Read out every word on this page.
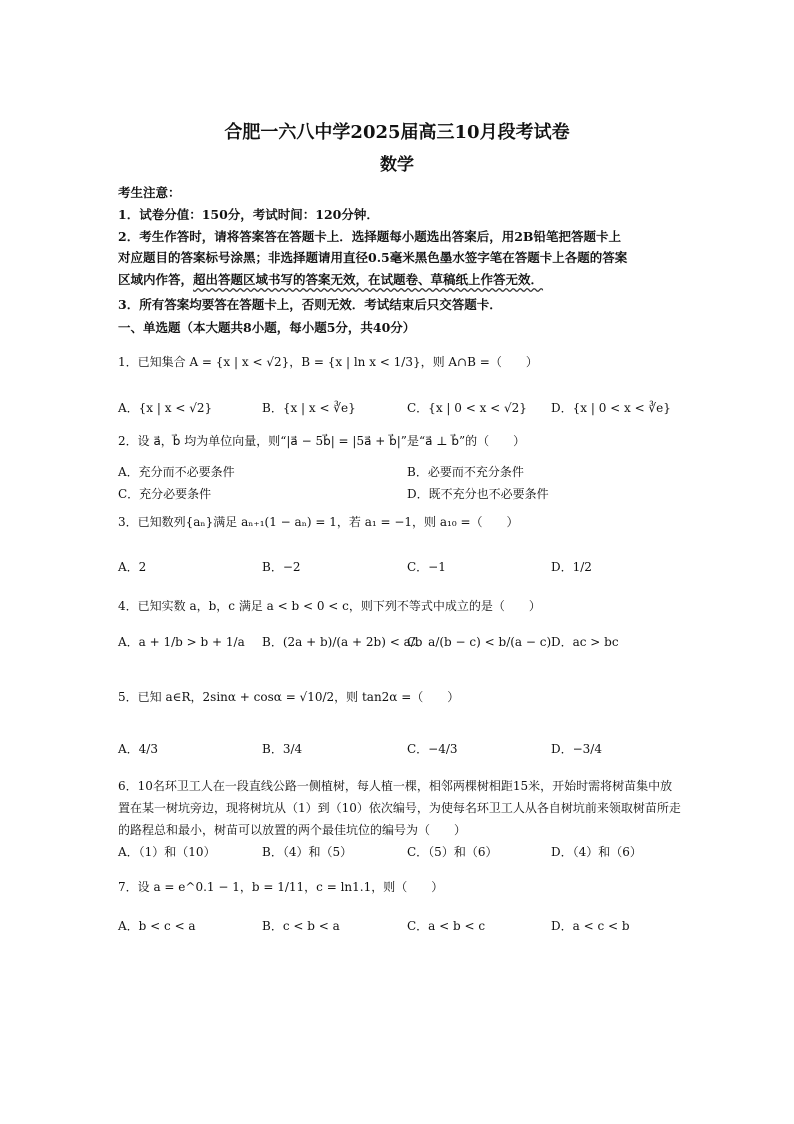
合肥一六八中学2025届高三10月段考试卷
数学
考生注意：
1．试卷分值：150分，考试时间：120分钟．
2．考生作答时，请将答案答在答题卡上．选择题每小题选出答案后，用2B铅笔把答题卡上
对应题目的答案标号涂黑；非选择题请用直径0.5毫米黑色墨水签字笔在答题卡上各题的答案
区域内作答，超出答题区域书写的答案无效，在试题卷、草稿纸上作答无效．
3．所有答案均要答在答题卡上，否则无效．考试结束后只交答题卡．
一、单选题（本大题共8小题，每小题5分，共40分）
1．已知集合 A = {x | x < √2}，B = {x | ln x < 1/3}，则 A∩B =（　　）
A．{x | x < √2}	B．{x | x < ∛e}	C．{x | 0 < x < √2} D．{x | 0 < x < ∛e}
2．设 a⃗，b⃗ 均为单位向量，则“|a⃗ − 5b⃗| = |5a⃗ + b⃗|”是“a⃗ ⊥ b⃗”的（　　）
A．充分而不必要条件	B．必要而不充分条件
C．充分必要条件	D．既不充分也不必要条件
3．已知数列{aₙ}满足 aₙ₊₁(1 − aₙ) = 1，若 a₁ = −1，则 a₁₀ =（　　）
A．2	B．−2	C．−1	D．1/2
4．已知实数 a，b，c 满足 a < b < 0 < c，则下列不等式中成立的是（　　）
A．a + 1/b > b + 1/a B．(2a + b)/(a + 2b) < a/b
C．a/(b − c) < b/(a − c) D．ac > bc
5．已知 a∈R，2sinα + cosα = √10/2，则 tan2α =（　　）
A．4/3	B．3/4	C．−4/3	D．−3/4
6．10名环卫工人在一段直线公路一侧植树，每人植一棵，相邻两棵树相距15米，开始时需将树苗集中放
置在某一树坑旁边，现将树坑从（1）到（10）依次编号，为使每名环卫工人从各自树坑前来领取树苗所走
的路程总和最小，树苗可以放置的两个最佳坑位的编号为（　　）
A．（1）和（10）	B．（4）和（5）	C．（5）和（6）	D．（4）和（6）
7．设 a = e^0.1 − 1，b = 1/11，c = ln1.1，则（　　）
A．b < c < a	B．c < b < a	C．a < b < c	D．a < c < b
